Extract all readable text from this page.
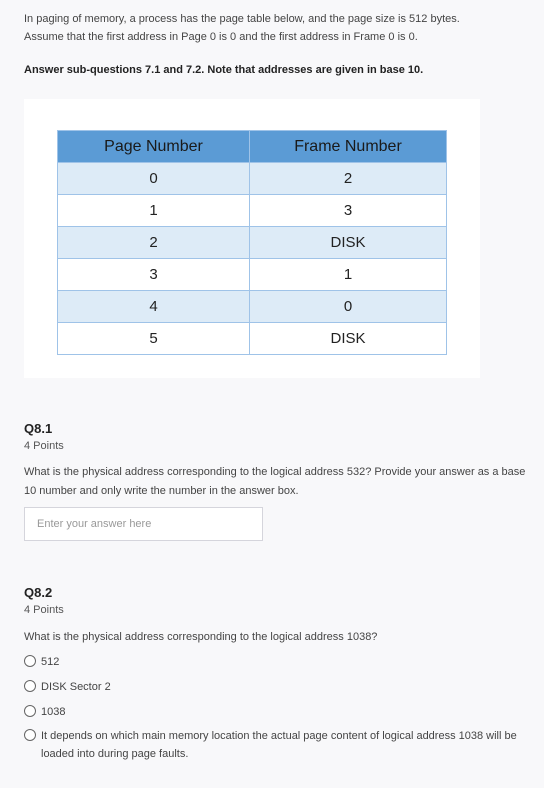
In paging of memory, a process has the page table below, and the page size is 512 bytes.
Assume that the first address in Page 0 is 0 and the first address in Frame 0 is 0.
Answer sub-questions 7.1 and 7.2. Note that addresses are given in base 10.
Page Number	Frame Number
0	2
1	3
2	DISK
3	1
4	0
5	DISK
Q8.1
4 Points
What is the physical address corresponding to the logical address 532? Provide your answer as a base 10 number and only write the number in the answer box.
Enter your answer here
Q8.2
4 Points
What is the physical address corresponding to the logical address 1038?
512
DISK Sector 2
1038
It depends on which main memory location the actual page content of logical address 1038 will be loaded into during page faults.
